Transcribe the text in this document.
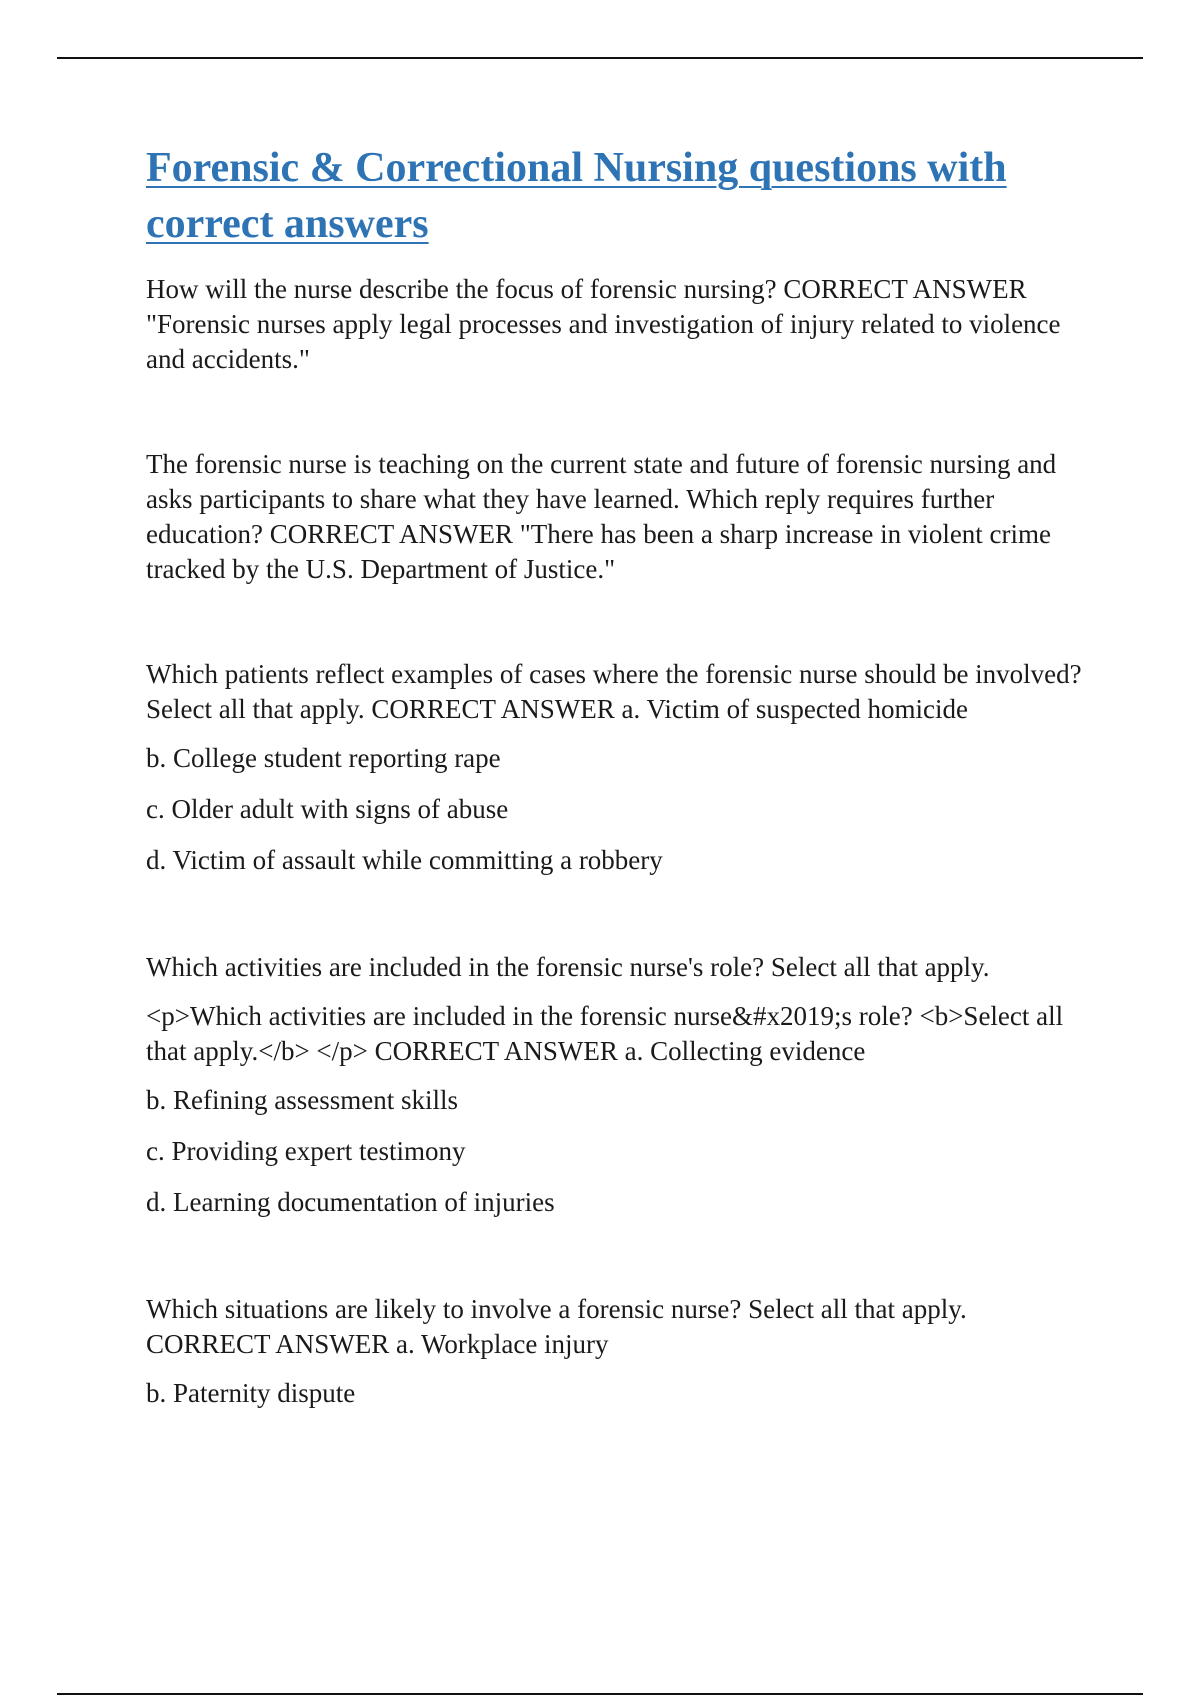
Forensic & Correctional Nursing questions with correct answers

How will the nurse describe the focus of forensic nursing? CORRECT ANSWER "Forensic nurses apply legal processes and investigation of injury related to violence and accidents."

The forensic nurse is teaching on the current state and future of forensic nursing and asks participants to share what they have learned. Which reply requires further education? CORRECT ANSWER "There has been a sharp increase in violent crime tracked by the U.S. Department of Justice."

Which patients reflect examples of cases where the forensic nurse should be involved? Select all that apply. CORRECT ANSWER a. Victim of suspected homicide

b. College student reporting rape

c. Older adult with signs of abuse

d. Victim of assault while committing a robbery

Which activities are included in the forensic nurse's role? Select all that apply.

<p>Which activities are included in the forensic nurse&#x2019;s role? <b>Select all that apply.</b> </p> CORRECT ANSWER a. Collecting evidence

b. Refining assessment skills

c. Providing expert testimony

d. Learning documentation of injuries

Which situations are likely to involve a forensic nurse? Select all that apply. CORRECT ANSWER a. Workplace injury

b. Paternity dispute
